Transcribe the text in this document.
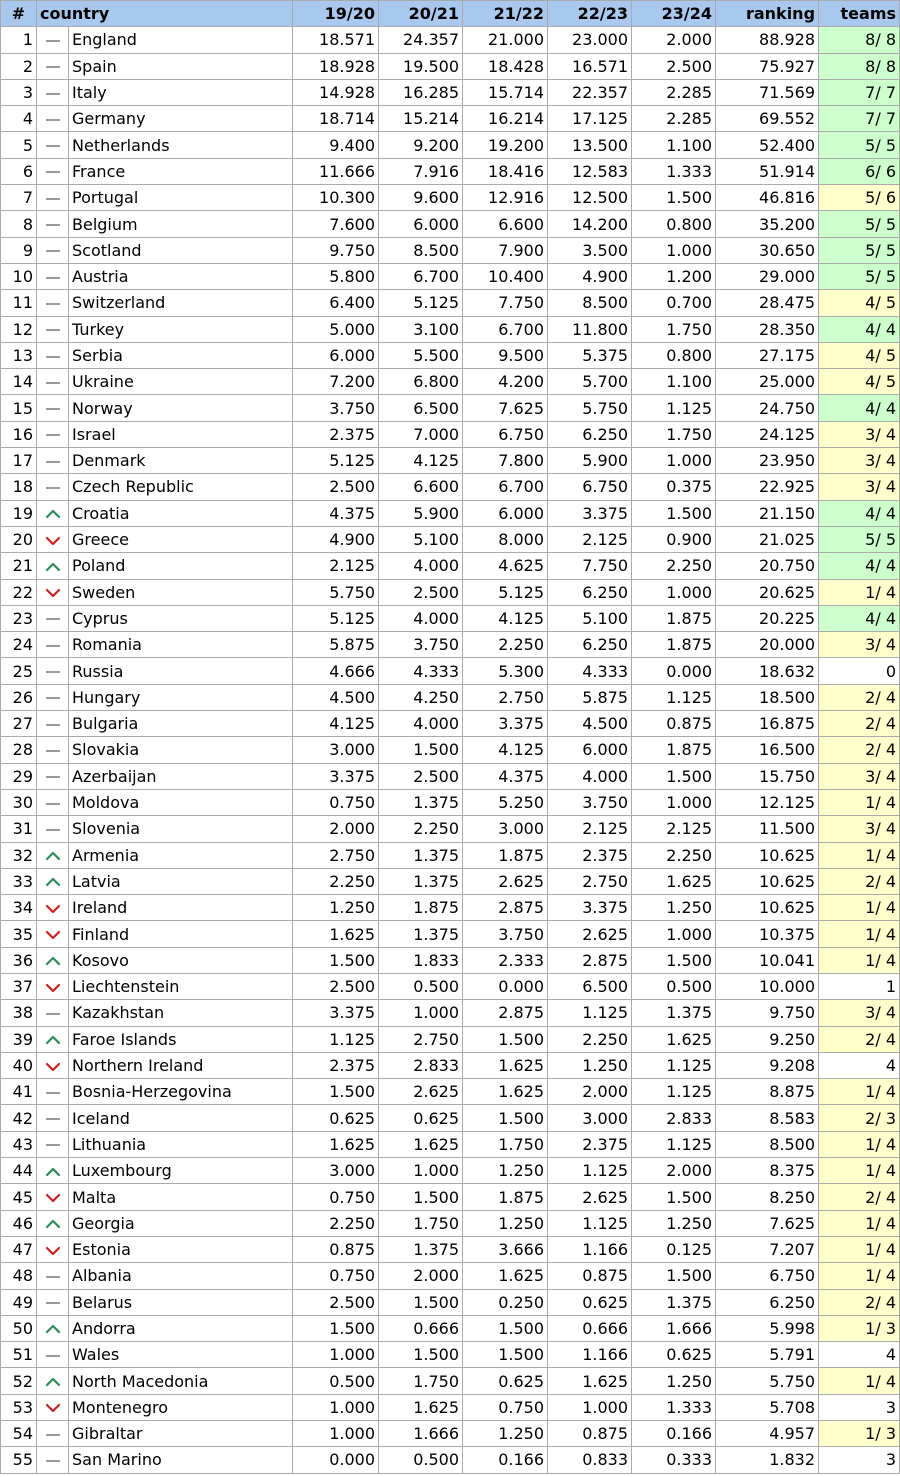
#	country		19/20	20/21	21/22	22/23	23/24	ranking	teams
1		England	18.571	24.357	21.000	23.000	2.000	88.928	8/ 8
2		Spain	18.928	19.500	18.428	16.571	2.500	75.927	8/ 8
3		Italy	14.928	16.285	15.714	22.357	2.285	71.569	7/ 7
4		Germany	18.714	15.214	16.214	17.125	2.285	69.552	7/ 7
5		Netherlands	9.400	9.200	19.200	13.500	1.100	52.400	5/ 5
6		France	11.666	7.916	18.416	12.583	1.333	51.914	6/ 6
7		Portugal	10.300	9.600	12.916	12.500	1.500	46.816	5/ 6
8		Belgium	7.600	6.000	6.600	14.200	0.800	35.200	5/ 5
9		Scotland	9.750	8.500	7.900	3.500	1.000	30.650	5/ 5
10		Austria	5.800	6.700	10.400	4.900	1.200	29.000	5/ 5
11		Switzerland	6.400	5.125	7.750	8.500	0.700	28.475	4/ 5
12		Turkey	5.000	3.100	6.700	11.800	1.750	28.350	4/ 4
13		Serbia	6.000	5.500	9.500	5.375	0.800	27.175	4/ 5
14		Ukraine	7.200	6.800	4.200	5.700	1.100	25.000	4/ 5
15		Norway	3.750	6.500	7.625	5.750	1.125	24.750	4/ 4
16		Israel	2.375	7.000	6.750	6.250	1.750	24.125	3/ 4
17		Denmark	5.125	4.125	7.800	5.900	1.000	23.950	3/ 4
18		Czech Republic	2.500	6.600	6.700	6.750	0.375	22.925	3/ 4
19		Croatia	4.375	5.900	6.000	3.375	1.500	21.150	4/ 4
20		Greece	4.900	5.100	8.000	2.125	0.900	21.025	5/ 5
21		Poland	2.125	4.000	4.625	7.750	2.250	20.750	4/ 4
22		Sweden	5.750	2.500	5.125	6.250	1.000	20.625	1/ 4
23		Cyprus	5.125	4.000	4.125	5.100	1.875	20.225	4/ 4
24		Romania	5.875	3.750	2.250	6.250	1.875	20.000	3/ 4
25		Russia	4.666	4.333	5.300	4.333	0.000	18.632	0
26		Hungary	4.500	4.250	2.750	5.875	1.125	18.500	2/ 4
27		Bulgaria	4.125	4.000	3.375	4.500	0.875	16.875	2/ 4
28		Slovakia	3.000	1.500	4.125	6.000	1.875	16.500	2/ 4
29		Azerbaijan	3.375	2.500	4.375	4.000	1.500	15.750	3/ 4
30		Moldova	0.750	1.375	5.250	3.750	1.000	12.125	1/ 4
31		Slovenia	2.000	2.250	3.000	2.125	2.125	11.500	3/ 4
32		Armenia	2.750	1.375	1.875	2.375	2.250	10.625	1/ 4
33		Latvia	2.250	1.375	2.625	2.750	1.625	10.625	2/ 4
34		Ireland	1.250	1.875	2.875	3.375	1.250	10.625	1/ 4
35		Finland	1.625	1.375	3.750	2.625	1.000	10.375	1/ 4
36		Kosovo	1.500	1.833	2.333	2.875	1.500	10.041	1/ 4
37		Liechtenstein	2.500	0.500	0.000	6.500	0.500	10.000	1
38		Kazakhstan	3.375	1.000	2.875	1.125	1.375	9.750	3/ 4
39		Faroe Islands	1.125	2.750	1.500	2.250	1.625	9.250	2/ 4
40		Northern Ireland	2.375	2.833	1.625	1.250	1.125	9.208	4
41		Bosnia-Herzegovina	1.500	2.625	1.625	2.000	1.125	8.875	1/ 4
42		Iceland	0.625	0.625	1.500	3.000	2.833	8.583	2/ 3
43		Lithuania	1.625	1.625	1.750	2.375	1.125	8.500	1/ 4
44		Luxembourg	3.000	1.000	1.250	1.125	2.000	8.375	1/ 4
45		Malta	0.750	1.500	1.875	2.625	1.500	8.250	2/ 4
46		Georgia	2.250	1.750	1.250	1.125	1.250	7.625	1/ 4
47		Estonia	0.875	1.375	3.666	1.166	0.125	7.207	1/ 4
48		Albania	0.750	2.000	1.625	0.875	1.500	6.750	1/ 4
49		Belarus	2.500	1.500	0.250	0.625	1.375	6.250	2/ 4
50		Andorra	1.500	0.666	1.500	0.666	1.666	5.998	1/ 3
51		Wales	1.000	1.500	1.500	1.166	0.625	5.791	4
52		North Macedonia	0.500	1.750	0.625	1.625	1.250	5.750	1/ 4
53		Montenegro	1.000	1.625	0.750	1.000	1.333	5.708	3
54		Gibraltar	1.000	1.666	1.250	0.875	0.166	4.957	1/ 3
55		San Marino	0.000	0.500	0.166	0.833	0.333	1.832	3
